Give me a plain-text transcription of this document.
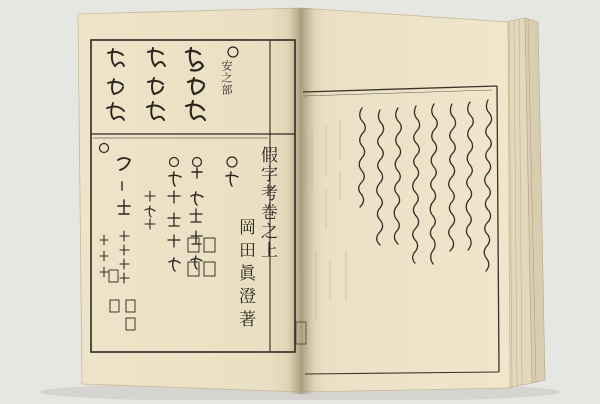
假字考巻之上
岡田眞澄著
安之部
